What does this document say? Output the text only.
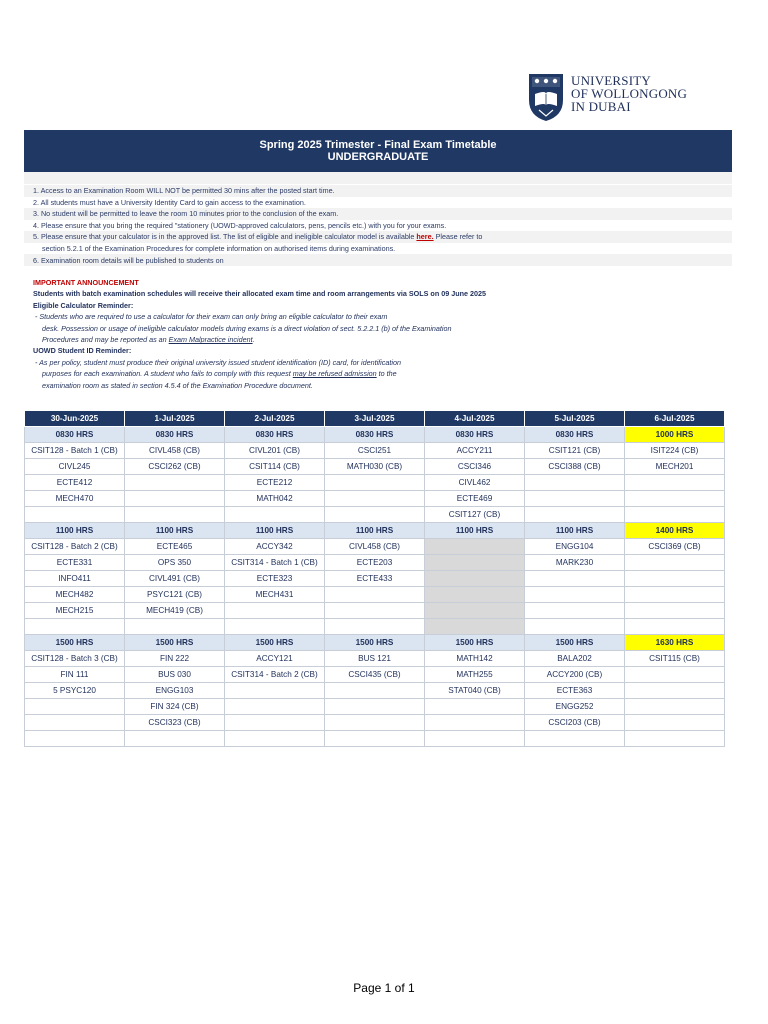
UNIVERSITY
OF WOLLONGONG
IN DUBAI
Spring 2025 Trimester - Final Exam Timetable
UNDERGRADUATE
1. Access to an Examination Room WILL NOT be permitted 30 mins after the posted start time.
2. All students must have a University Identity Card to gain access to the examination.
3. No student will be permitted to leave the room 10 minutes prior to the conclusion of the exam.
4. Please ensure that you bring the required "stationery (UOWD-approved calculators, pens, pencils etc.) with you for your exams.
5. Please ensure that your calculator is in the approved list. The list of eligible and ineligible calculator model is available here. Please refer to
section 5.2.1 of the Examination Procedures for complete information on authorised items during examinations.
6. Examination room details will be published to students on
IMPORTANT ANNOUNCEMENT
Students with batch examination schedules will receive their allocated exam time and room arrangements via SOLS on 09 June 2025
Eligible Calculator Reminder:
- Students who are required to use a calculator for their exam can only bring an eligible calculator to their exam
desk. Possession or usage of ineligible calculator models during exams is a direct violation of sect. 5.2.2.1 (b) of the Examination
Procedures and may be reported as an Exam Malpractice incident.
UOWD Student ID Reminder:
- As per policy, student must produce their original university issued student identification (ID) card, for identification
purposes for each examination. A student who fails to comply with this request may be refused admission to the
examination room as stated in section 4.5.4 of the Examination Procedure document.
30-Jun-2025	1-Jul-2025	2-Jul-2025	3-Jul-2025	4-Jul-2025	5-Jul-2025	6-Jul-2025
0830 HRS	0830 HRS	0830 HRS	0830 HRS	0830 HRS	0830 HRS	1000 HRS
CSIT128 - Batch 1 (CB)	CIVL458 (CB)	CIVL201 (CB)	CSCI251	ACCY211	CSIT121 (CB)	ISIT224 (CB)
CIVL245	CSCI262 (CB)	CSIT114 (CB)	MATH030 (CB)	CSCI346	CSCI388 (CB)	MECH201
ECTE412		ECTE212		CIVL462		
MECH470		MATH042		ECTE469		
				CSIT127 (CB)		
1100 HRS	1100 HRS	1100 HRS	1100 HRS	1100 HRS	1100 HRS	1400 HRS
CSIT128 - Batch 2 (CB)	ECTE465	ACCY342	CIVL458 (CB)		ENGG104	CSCI369 (CB)
ECTE331	OPS 350	CSIT314 - Batch 1 (CB)	ECTE203		MARK230	
INFO411	CIVL491 (CB)	ECTE323	ECTE433			
MECH482	PSYC121 (CB)	MECH431				
MECH215	MECH419 (CB)					

1500 HRS	1500 HRS	1500 HRS	1500 HRS	1500 HRS	1500 HRS	1630 HRS
CSIT128 - Batch 3 (CB)	FIN 222	ACCY121	BUS 121	MATH142	BALA202	CSIT115 (CB)
FIN 111	BUS 030	CSIT314 - Batch 2 (CB)	CSCI435 (CB)	MATH255	ACCY200 (CB)	
5 PSYC120	ENGG103			STAT040 (CB)	ECTE363	
	FIN 324 (CB)				ENGG252	
	CSCI323 (CB)				CSCI203 (CB)	

Page 1 of 1
